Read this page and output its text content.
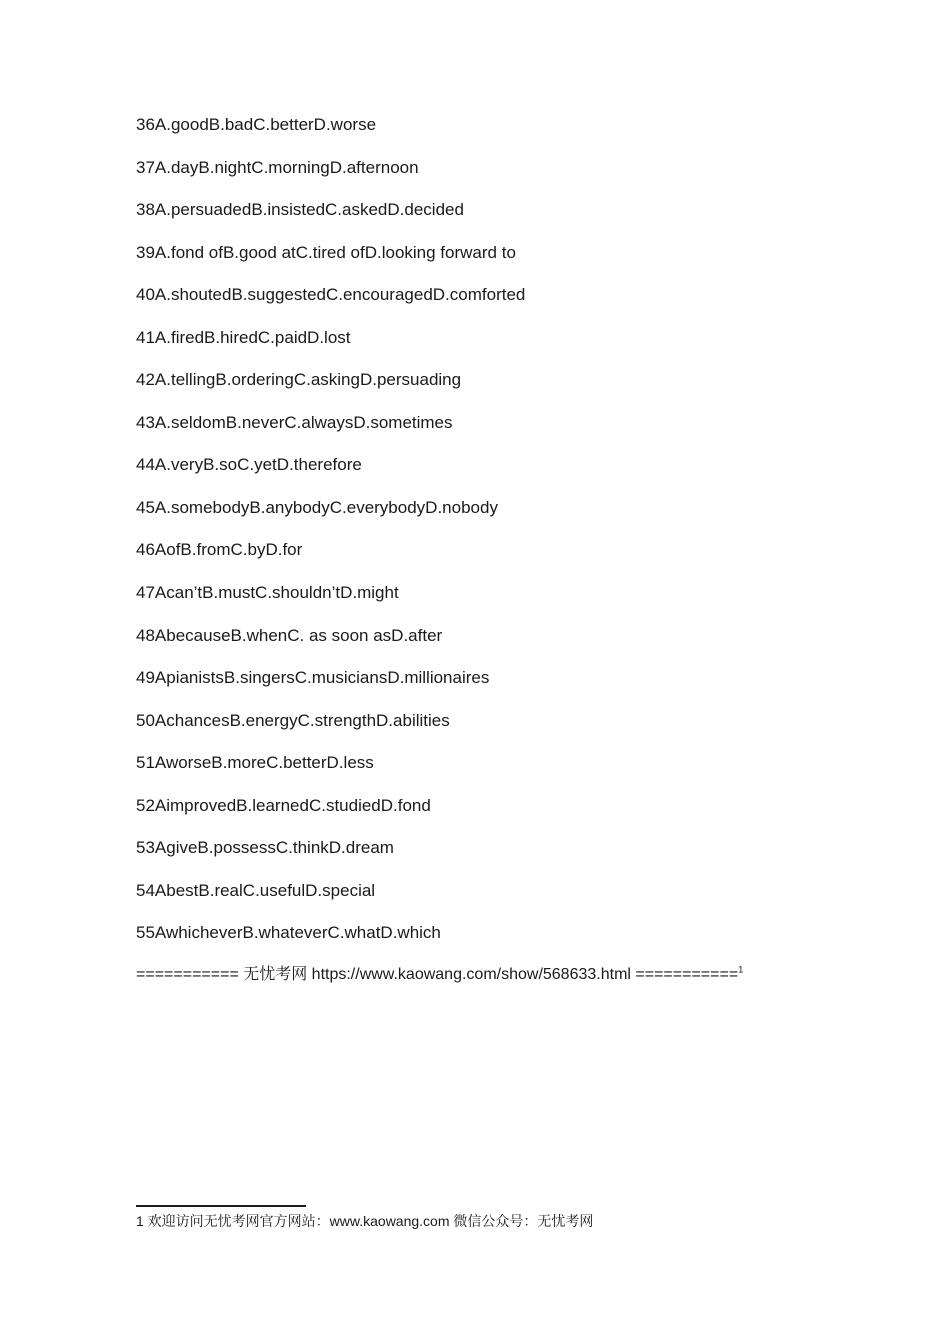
36A.goodB.badC.betterD.worse
37A.dayB.nightC.morningD.afternoon
38A.persuadedB.insistedC.askedD.decided
39A.fond ofB.good atC.tired ofD.looking forward to
40A.shoutedB.suggestedC.encouragedD.comforted
41A.firedB.hiredC.paidD.lost
42A.tellingB.orderingC.askingD.persuading
43A.seldomB.neverC.alwaysD.sometimes
44A.veryB.soC.yetD.therefore
45A.somebodyB.anybodyC.everybodyD.nobody
46AofB.fromC.byD.for
47Acan’tB.mustC.shouldn’tD.might
48AbecauseB.whenC. as soon asD.after
49ApianistsB.singersC.musiciansD.millionaires
50AchancesB.energyC.strengthD.abilities
51AworseB.moreC.betterD.less
52AimprovedB.learnedC.studiedD.fond
53AgiveB.possessC.thinkD.dream
54AbestB.realC.usefulD.special
55AwhicheverB.whateverC.whatD.which
=========== 无忧考网 https://www.kaowang.com/show/568633.html ===========$^1$
1 欢迎访问无忧考网官方网站：www.kaowang.com 微信公众号：无忧考网
